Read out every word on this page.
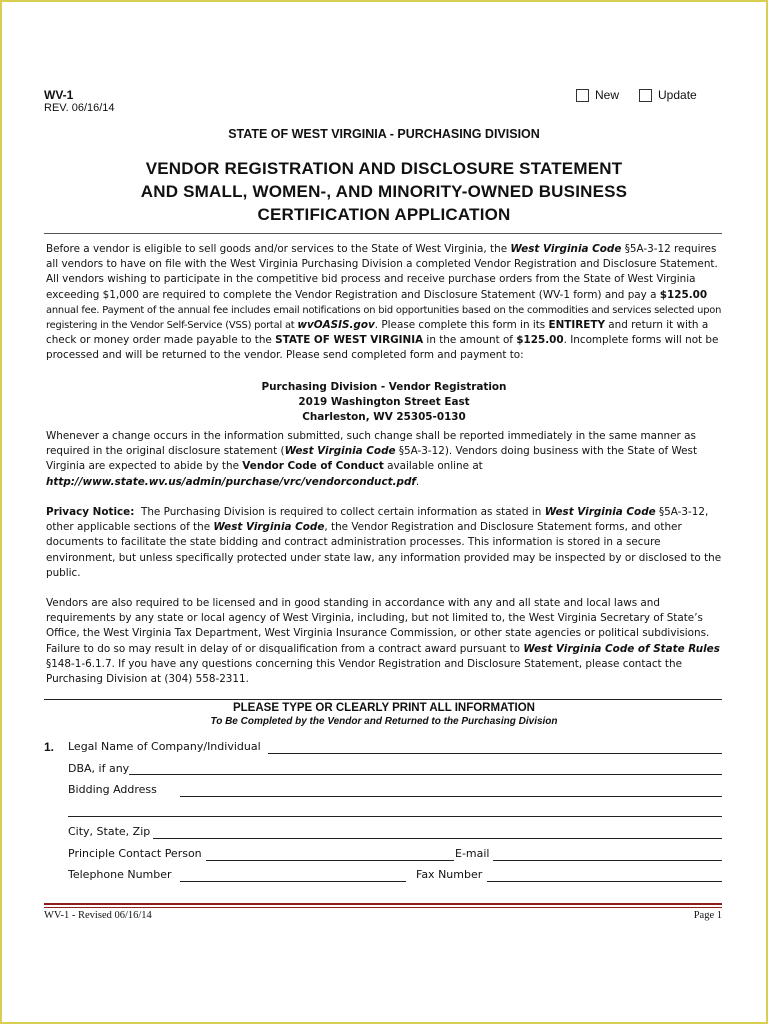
WV-1
REV. 06/16/14
New	Update
STATE OF WEST VIRGINIA - PURCHASING DIVISION
VENDOR REGISTRATION AND DISCLOSURE STATEMENT
AND SMALL, WOMEN-, AND MINORITY-OWNED BUSINESS
CERTIFICATION APPLICATION
Before a vendor is eligible to sell goods and/or services to the State of West Virginia, the West Virginia Code §5A-3-12 requires all vendors to have on file with the West Virginia Purchasing Division a completed Vendor Registration and Disclosure Statement. All vendors wishing to participate in the competitive bid process and receive purchase orders from the State of West Virginia exceeding $1,000 are required to complete the Vendor Registration and Disclosure Statement (WV-1 form) and pay a $125.00 annual fee. Payment of the annual fee includes email notifications on bid opportunities based on the commodities and services selected upon registering in the Vendor Self-Service (VSS) portal at wvOASIS.gov. Please complete this form in its ENTIRETY and return it with a check or money order made payable to the STATE OF WEST VIRGINIA in the amount of $125.00. Incomplete forms will not be processed and will be returned to the vendor. Please send completed form and payment to:
Purchasing Division - Vendor Registration
2019 Washington Street East
Charleston, WV 25305-0130
Whenever a change occurs in the information submitted, such change shall be reported immediately in the same manner as required in the original disclosure statement (West Virginia Code §5A-3-12). Vendors doing business with the State of West Virginia are expected to abide by the Vendor Code of Conduct available online at http://www.state.wv.us/admin/purchase/vrc/vendorconduct.pdf.
Privacy Notice:  The Purchasing Division is required to collect certain information as stated in West Virginia Code §5A-3-12, other applicable sections of the West Virginia Code, the Vendor Registration and Disclosure Statement forms, and other documents to facilitate the state bidding and contract administration processes. This information is stored in a secure environment, but unless specifically protected under state law, any information provided may be inspected by or disclosed to the public.
Vendors are also required to be licensed and in good standing in accordance with any and all state and local laws and requirements by any state or local agency of West Virginia, including, but not limited to, the West Virginia Secretary of State’s Office, the West Virginia Tax Department, West Virginia Insurance Commission, or other state agencies or political subdivisions. Failure to do so may result in delay of or disqualification from a contract award pursuant to West Virginia Code of State Rules §148-1-6.1.7. If you have any questions concerning this Vendor Registration and Disclosure Statement, please contact the Purchasing Division at (304) 558-2311.
PLEASE TYPE OR CLEARLY PRINT ALL INFORMATION
To Be Completed by the Vendor and Returned to the Purchasing Division
1. Legal Name of Company/Individual
DBA, if any
Bidding Address
City, State, Zip
Principle Contact Person	E-mail
Telephone Number	Fax Number
WV-1 - Revised 06/16/14	Page 1
